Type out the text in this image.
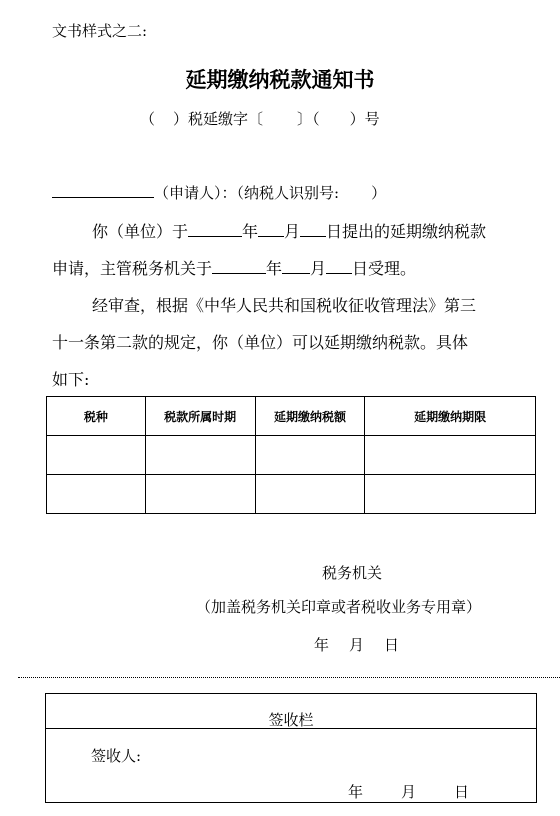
文书样式之二:
延期缴纳税款通知书
（ ）税延缴字〔 〕（ ）号
（申请人）：（纳税人识别号: ）
你（单位）于	年 月 日提出的延期缴纳税款
申请，主管税务机关于	年 月 日受理。
经审查，根据《中华人民共和国税收征收管理法》第三
十一条第二款的规定，你（单位）可以延期缴纳税款。具体
如下:
税种	税款所属时期	延期缴纳税额	延期缴纳期限

税务机关
（加盖税务机关印章或者税收业务专用章）
年 月 日
签收栏
签收人:
年	月	日
